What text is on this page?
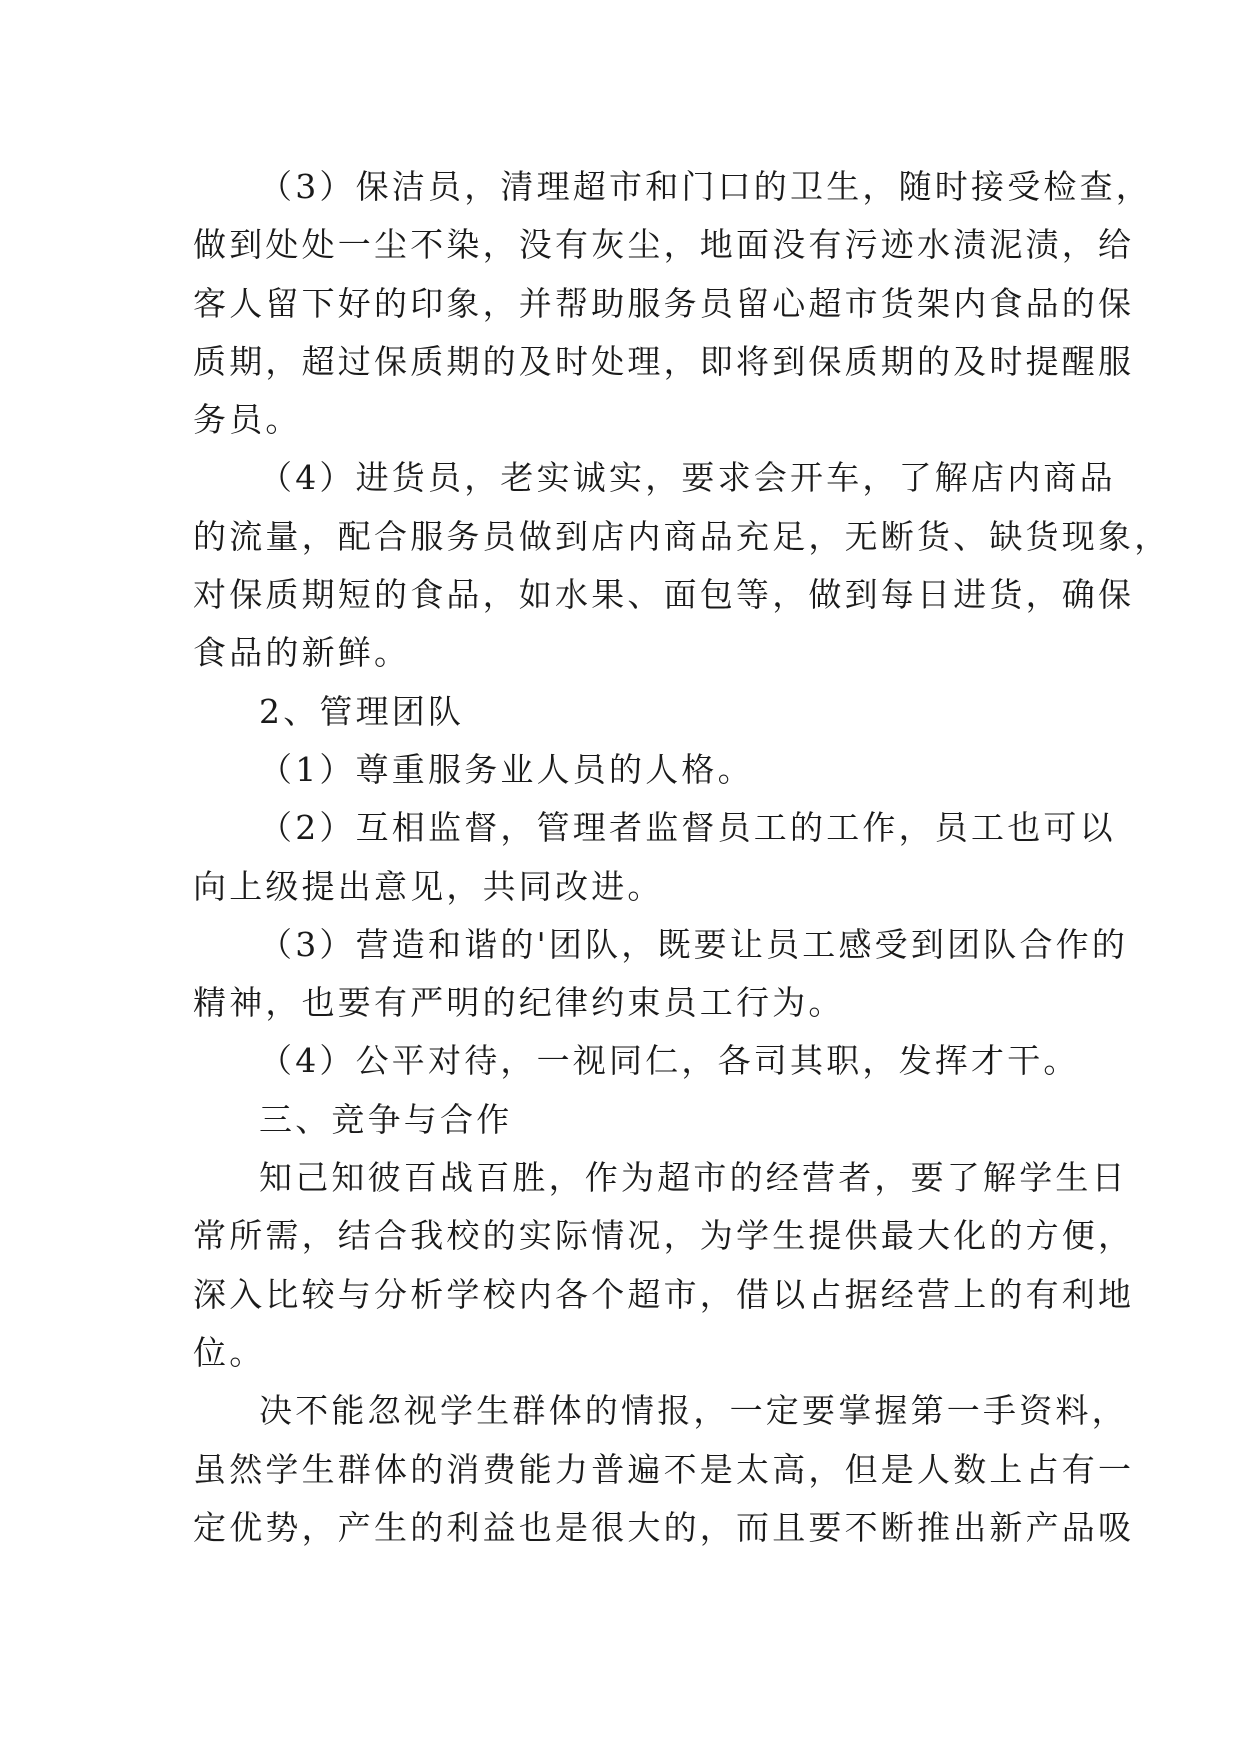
（3）保洁员，清理超市和门口的卫生，随时接受检查，
做到处处一尘不染，没有灰尘，地面没有污迹水渍泥渍，给
客人留下好的印象，并帮助服务员留心超市货架内食品的保
质期，超过保质期的及时处理，即将到保质期的及时提醒服
务员。
（4）进货员，老实诚实，要求会开车，了解店内商品
的流量，配合服务员做到店内商品充足，无断货、缺货现象，
对保质期短的食品，如水果、面包等，做到每日进货，确保
食品的新鲜。
2、管理团队
（1）尊重服务业人员的人格。
（2）互相监督，管理者监督员工的工作，员工也可以
向上级提出意见，共同改进。
（3）营造和谐的'团队，既要让员工感受到团队合作的
精神，也要有严明的纪律约束员工行为。
（4）公平对待，一视同仁，各司其职，发挥才干。
三、竞争与合作
知己知彼百战百胜，作为超市的经营者，要了解学生日
常所需，结合我校的实际情况，为学生提供最大化的方便，
深入比较与分析学校内各个超市，借以占据经营上的有利地
位。
决不能忽视学生群体的情报，一定要掌握第一手资料，
虽然学生群体的消费能力普遍不是太高，但是人数上占有一
定优势，产生的利益也是很大的，而且要不断推出新产品吸
